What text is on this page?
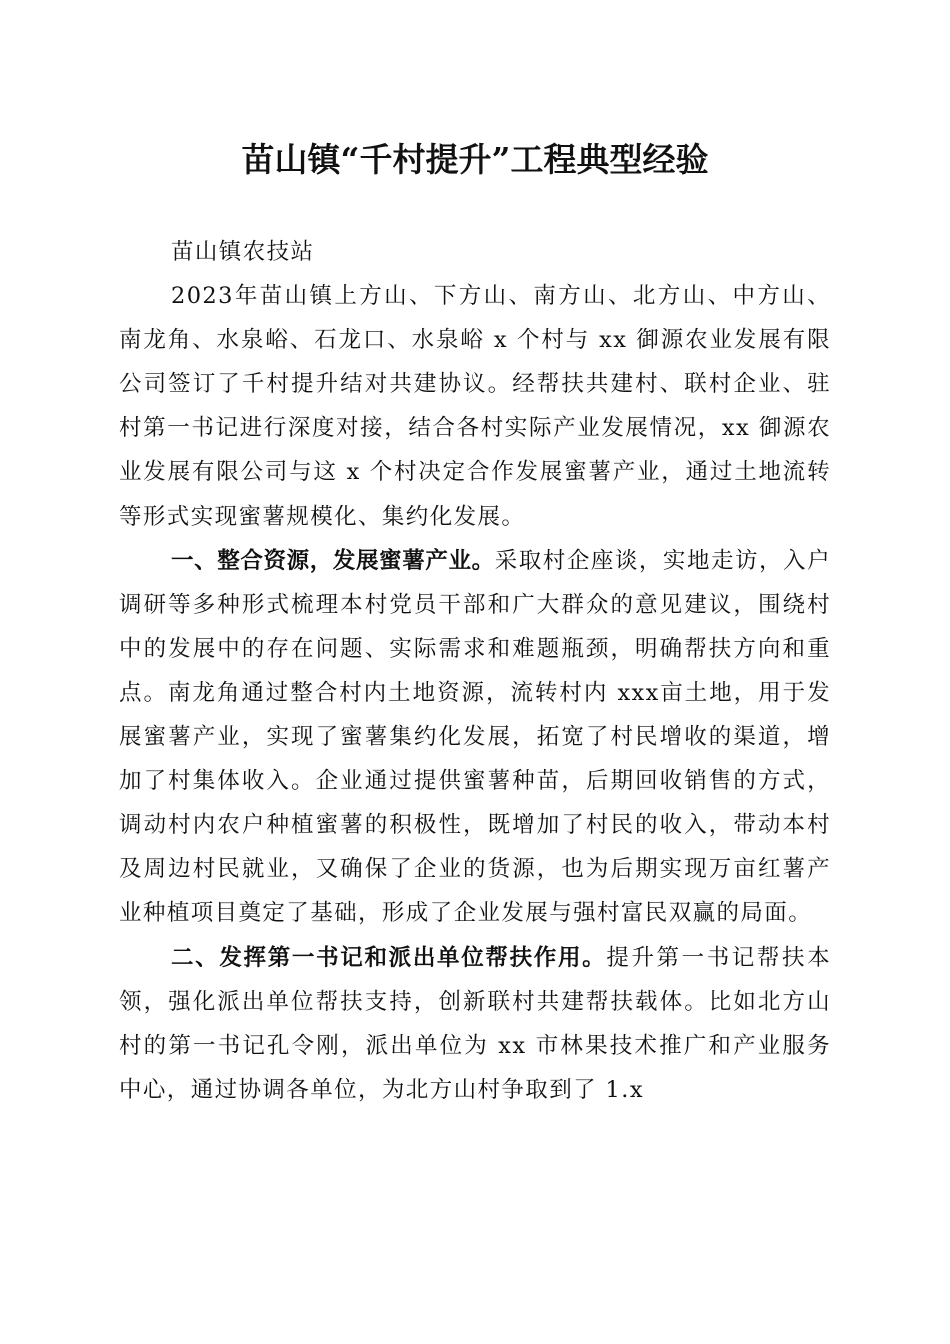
苗山镇“千村提升”工程典型经验

苗山镇农技站

2023年苗山镇上方山、下方山、南方山、北方山、中方山、南龙角、水泉峪、石龙口、水泉峪 x 个村与 xx 御源农业发展有限公司签订了千村提升结对共建协议。经帮扶共建村、联村企业、驻村第一书记进行深度对接，结合各村实际产业发展情况，xx 御源农业发展有限公司与这 x 个村决定合作发展蜜薯产业，通过土地流转等形式实现蜜薯规模化、集约化发展。

一、整合资源，发展蜜薯产业。采取村企座谈，实地走访，入户调研等多种形式梳理本村党员干部和广大群众的意见建议，围绕村中的发展中的存在问题、实际需求和难题瓶颈，明确帮扶方向和重点。南龙角通过整合村内土地资源，流转村内 xxx亩土地，用于发展蜜薯产业，实现了蜜薯集约化发展，拓宽了村民增收的渠道，增加了村集体收入。企业通过提供蜜薯种苗，后期回收销售的方式，调动村内农户种植蜜薯的积极性，既增加了村民的收入，带动本村及周边村民就业，又确保了企业的货源，也为后期实现万亩红薯产业种植项目奠定了基础，形成了企业发展与强村富民双赢的局面。

二、发挥第一书记和派出单位帮扶作用。提升第一书记帮扶本领，强化派出单位帮扶支持，创新联村共建帮扶载体。比如北方山村的第一书记孔令刚，派出单位为 xx 市林果技术推广和产业服务中心，通过协调各单位，为北方山村争取到了 1.x
